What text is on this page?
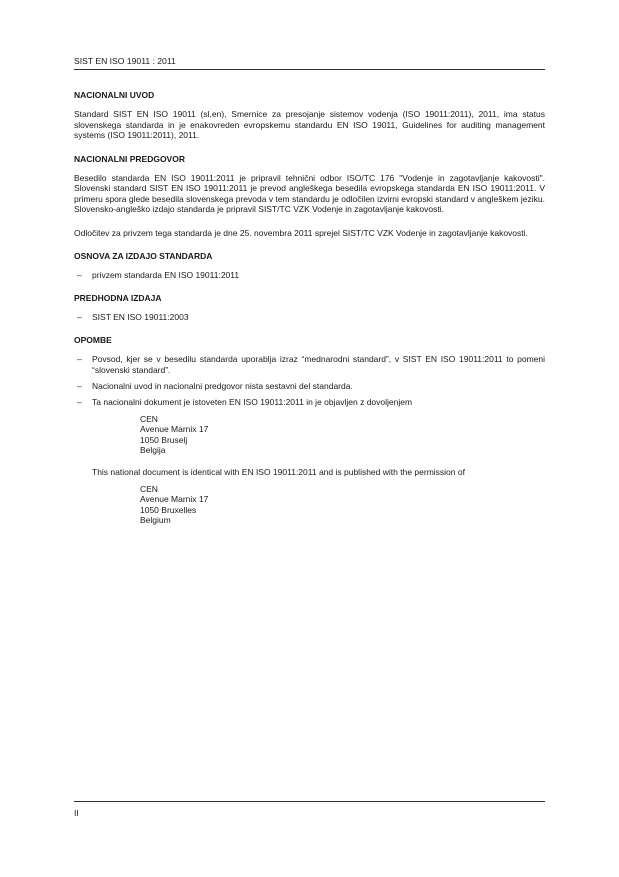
SIST EN ISO 19011 : 2011
NACIONALNI UVOD
Standard SIST EN ISO 19011 (sl,en), Smernice za presojanje sistemov vodenja (ISO 19011:2011), 2011, ima status slovenskega standarda in je enakovreden evropskemu standardu EN ISO 19011, Guidelines for auditing management systems (ISO 19011:2011), 2011.
NACIONALNI PREDGOVOR
Besedilo standarda EN ISO 19011:2011 je pripravil tehnični odbor ISO/TC 176 "Vodenje in zagotavljanje kakovosti". Slovenski standard SIST EN ISO 19011:2011 je prevod angleškega besedila evropskega standarda EN ISO 19011:2011. V primeru spora glede besedila slovenskega prevoda v tem standardu je odločilen izvirni evropski standard v angleškem jeziku. Slovensko-angleško izdajo standarda je pripravil SIST/TC VZK Vodenje in zagotavljanje kakovosti.
Odločitev za privzem tega standarda je dne 25. novembra 2011 sprejel SIST/TC VZK Vodenje in zagotavljanje kakovosti.
OSNOVA ZA IZDAJO STANDARDA
– privzem standarda EN ISO 19011:2011
PREDHODNA IZDAJA
– SIST EN ISO 19011:2003
OPOMBE
– Povsod, kjer se v besedilu standarda uporablja izraz “mednarodni standard”, v SIST EN ISO 19011:2011 to pomeni “slovenski standard”.
– Nacionalni uvod in nacionalni predgovor nista sestavni del standarda.
– Ta nacionalni dokument je istoveten EN ISO 19011:2011 in je objavljen z dovoljenjem
CEN
Avenue Marnix 17
1050 Bruselj
Belgija
This national document is identical with EN ISO 19011:2011 and is published with the permission of
CEN
Avenue Marnix 17
1050 Bruxelles
Belgium
II
